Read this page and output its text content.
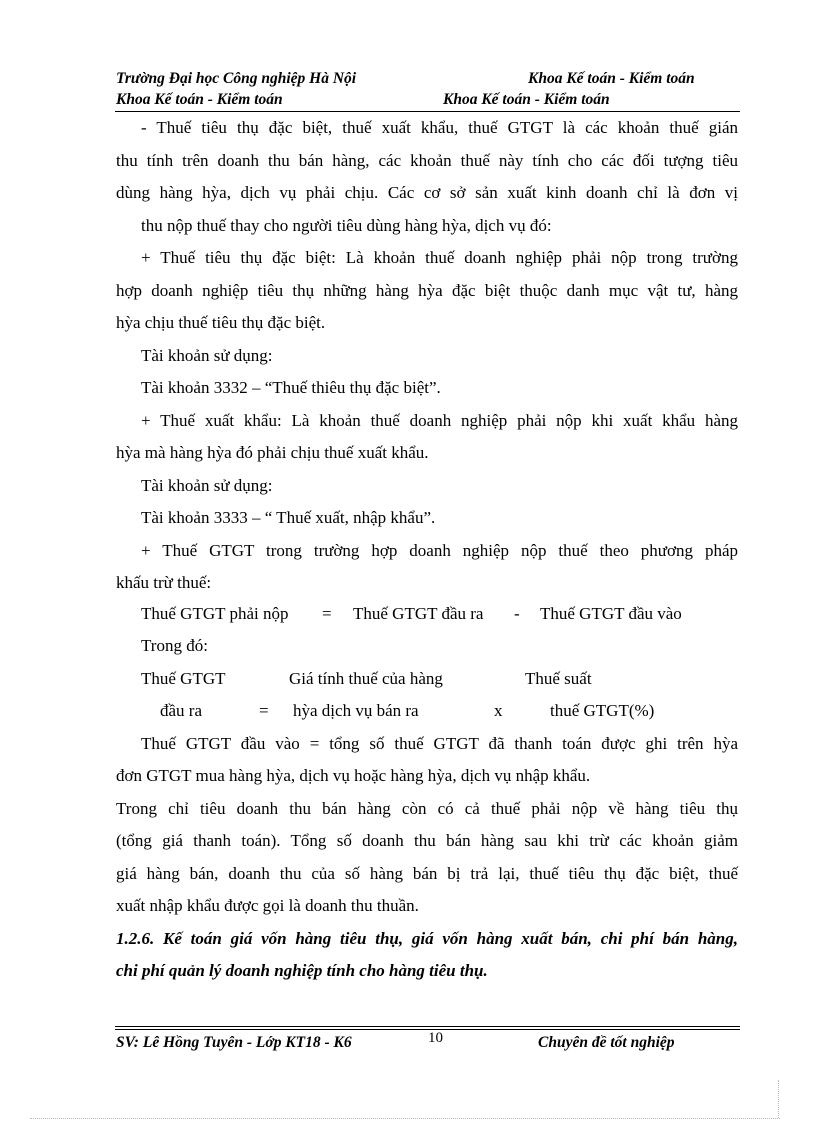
Trường Đại học Công nghiệp Hà Nội	Khoa Kế toán - Kiểm toán
Khoa Kế toán - Kiểm toán	Khoa Kế toán - Kiểm toán
- Thuế tiêu thụ đặc biệt, thuế xuất khẩu, thuế GTGT là các khoản thuế gián
thu tính trên doanh thu bán hàng, các khoản thuế này tính cho các đối tượng tiêu
dùng hàng hỳa, dịch vụ phải chịu. Các cơ sở sản xuất kinh doanh chỉ là đơn vị
thu nộp thuế thay cho người tiêu dùng hàng hỳa, dịch vụ đó:
+ Thuế tiêu thụ đặc biệt: Là khoản thuế doanh nghiệp phải nộp trong trường
hợp doanh nghiệp tiêu thụ những hàng hỳa đặc biệt thuộc danh mục vật tư, hàng
hỳa chịu thuế tiêu thụ đặc biệt.
Tài khoản sử dụng:
Tài khoản 3332 – “Thuế thiêu thụ đặc biệt”.
+ Thuế xuất khẩu: Là khoản thuế doanh nghiệp phải nộp khi xuất khẩu hàng
hỳa mà hàng hỳa đó phải chịu thuế xuất khẩu.
Tài khoản sử dụng:
Tài khoản 3333 – “ Thuế xuất, nhập khẩu”.
+ Thuế GTGT trong trường hợp doanh nghiệp nộp thuế theo phương pháp
khấu trừ thuế:
Thuế GTGT phải nộp = Thuế GTGT đầu ra - Thuế GTGT đầu vào
Trong đó:
Thuế GTGT	Giá tính thuế của hàng	Thuế suất
đầu ra	= hỳa dịch vụ bán ra	x	thuế GTGT(%)
Thuế GTGT đầu vào = tổng số thuế GTGT đã thanh toán được ghi trên hỳa
đơn GTGT mua hàng hỳa, dịch vụ hoặc hàng hỳa, dịch vụ nhập khẩu.
Trong chỉ tiêu doanh thu bán hàng còn có cả thuế phải nộp về hàng tiêu thụ
(tổng giá thanh toán). Tổng số doanh thu bán hàng sau khi trừ các khoản giảm
giá hàng bán, doanh thu của số hàng bán bị trả lại, thuế tiêu thụ đặc biệt, thuế
xuất nhập khẩu được gọi là doanh thu thuần.
1.2.6. Kế toán giá vốn hàng tiêu thụ, giá vốn hàng xuất bán, chi phí bán hàng,
chi phí quản lý doanh nghiệp tính cho hàng tiêu thụ.
SV: Lê Hồng Tuyên - Lớp KT18 - K6	10	Chuyên đề tốt nghiệp
